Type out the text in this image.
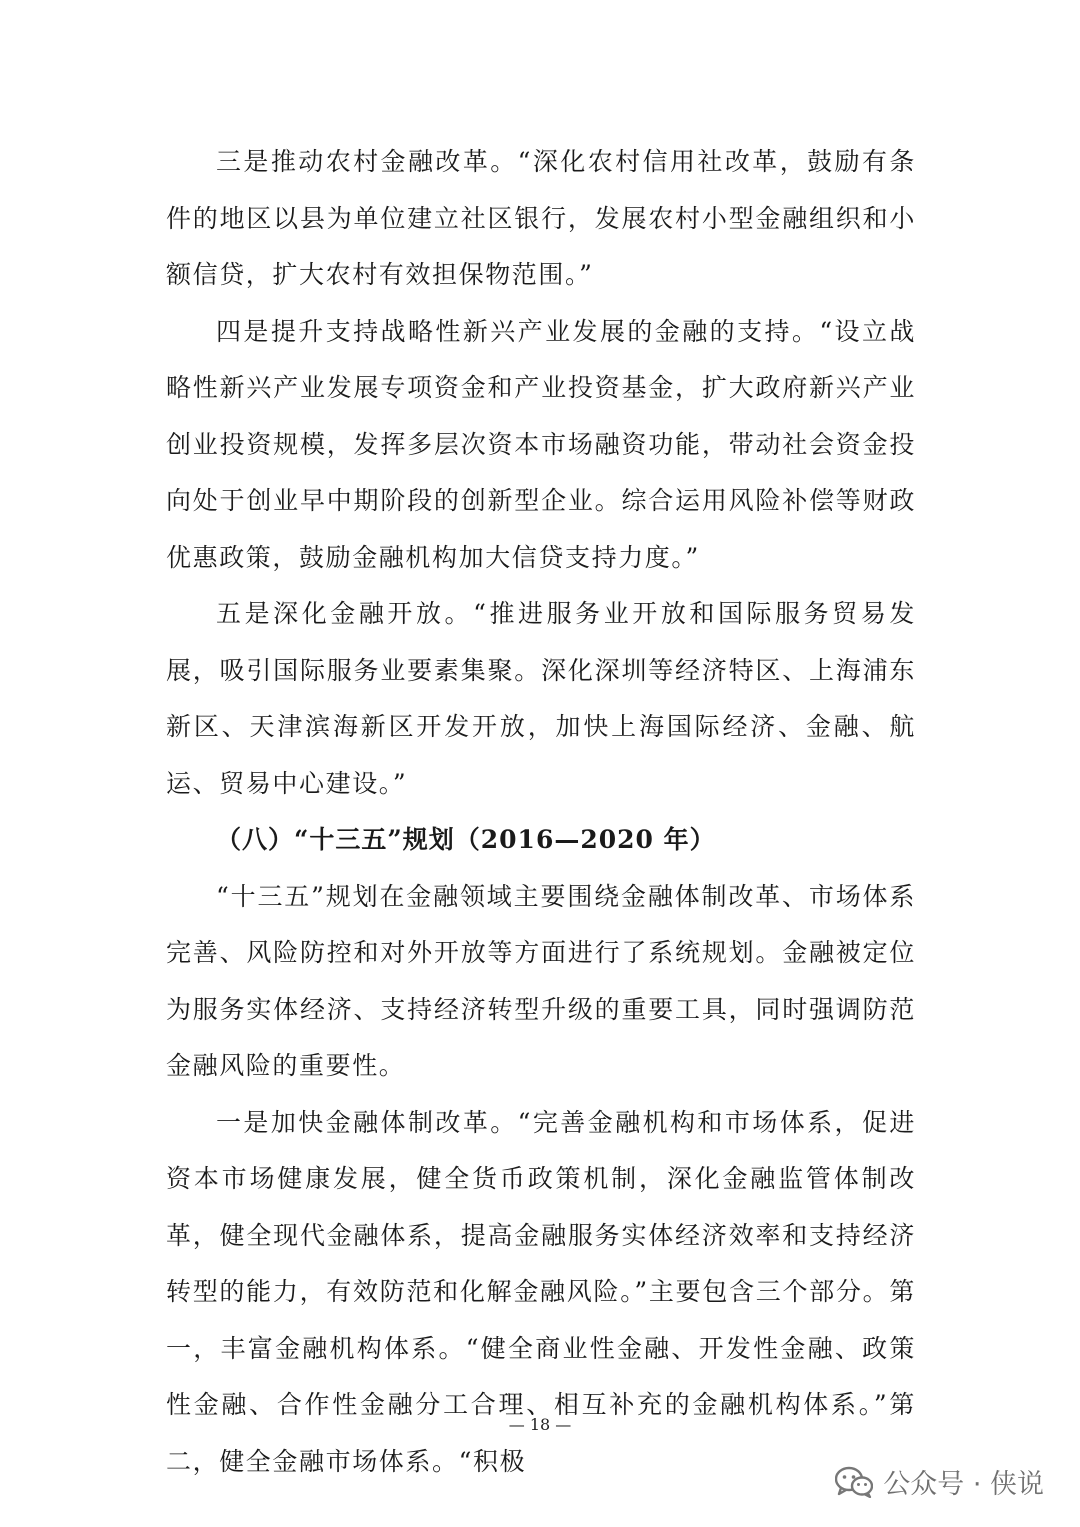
三是推动农村金融改革。“深化农村信用社改革，鼓励有条件的地区以县为单位建立社区银行，发展农村小型金融组织和小额信贷，扩大农村有效担保物范围。”

四是提升支持战略性新兴产业发展的金融的支持。“设立战略性新兴产业发展专项资金和产业投资基金，扩大政府新兴产业创业投资规模，发挥多层次资本市场融资功能，带动社会资金投向处于创业早中期阶段的创新型企业。综合运用风险补偿等财政优惠政策，鼓励金融机构加大信贷支持力度。”

五是深化金融开放。“推进服务业开放和国际服务贸易发展，吸引国际服务业要素集聚。深化深圳等经济特区、上海浦东新区、天津滨海新区开发开放，加快上海国际经济、金融、航运、贸易中心建设。”

（八）“十三五”规划（2016—2020 年）

“十三五”规划在金融领域主要围绕金融体制改革、市场体系完善、风险防控和对外开放等方面进行了系统规划。金融被定位为服务实体经济、支持经济转型升级的重要工具，同时强调防范金融风险的重要性。

一是加快金融体制改革。“完善金融机构和市场体系，促进资本市场健康发展，健全货币政策机制，深化金融监管体制改革，健全现代金融体系，提高金融服务实体经济效率和支持经济转型的能力，有效防范和化解金融风险。”主要包含三个部分。第一，丰富金融机构体系。“健全商业性金融、开发性金融、政策性金融、合作性金融分工合理、相互补充的金融机构体系。”第二，健全金融市场体系。“积极

— 18 —
公众号 · 侠说
